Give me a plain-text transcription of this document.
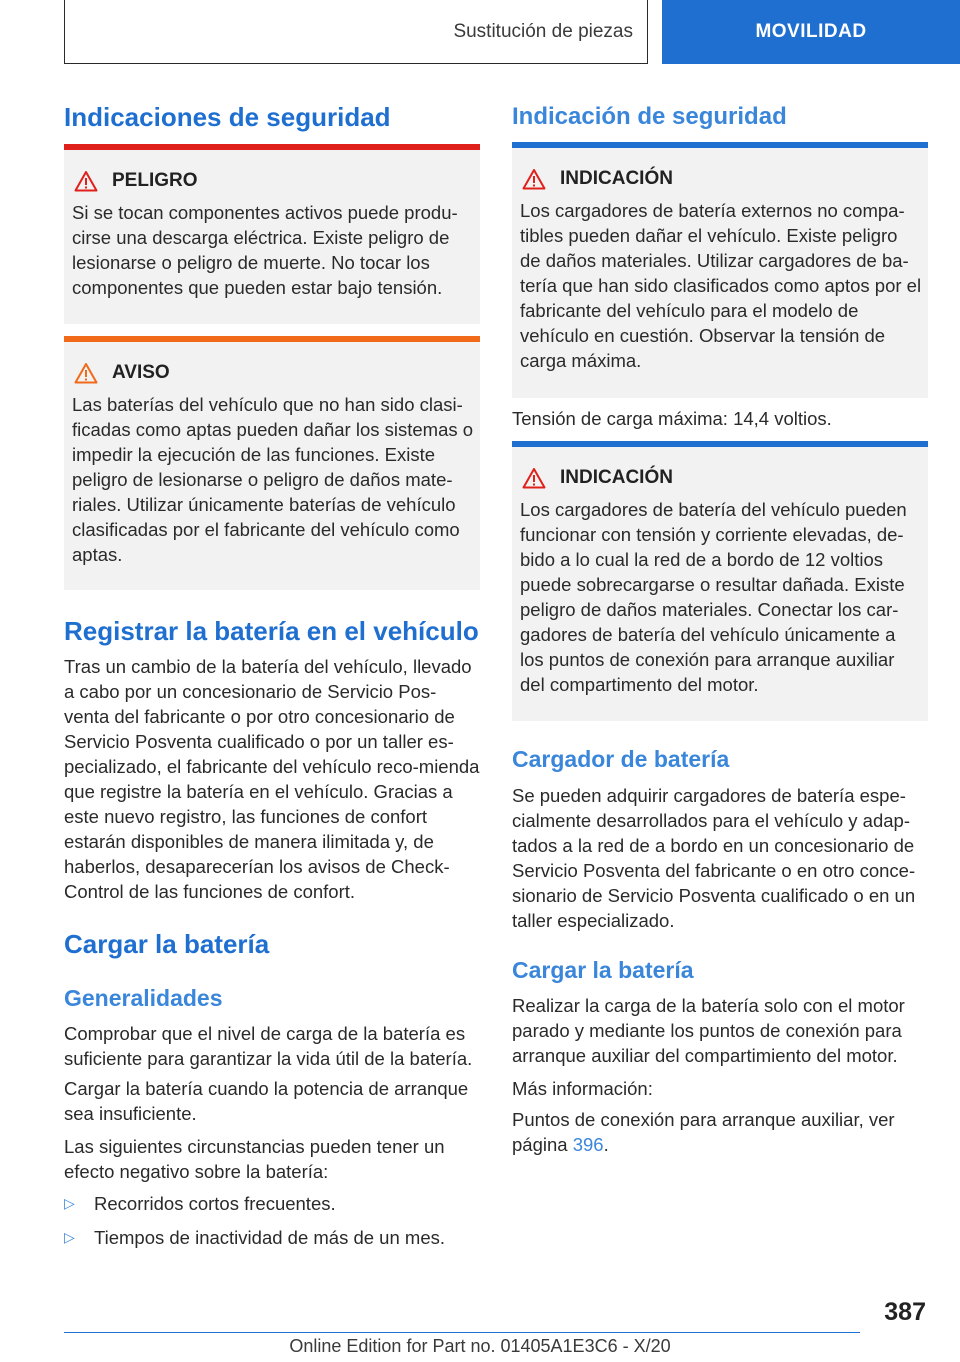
Sustitución de piezas	MOVILIDAD
Indicaciones de seguridad
PELIGRO

Si se tocan componentes activos puede produ-cirse una descarga eléctrica. Existe peligro de lesionarse o peligro de muerte. No tocar los componentes que pueden estar bajo tensión.

AVISO

Las baterías del vehículo que no han sido clasi-ficadas como aptas pueden dañar los sistemas o impedir la ejecución de las funciones. Existe peligro de lesionarse o peligro de daños mate-riales. Utilizar únicamente baterías de vehículo clasificadas por el fabricante del vehículo como aptas.

Registrar la batería en el vehículo

Tras un cambio de la batería del vehículo, llevado a cabo por un concesionario de Servicio Pos-venta del fabricante o por otro concesionario de Servicio Posventa cualificado o por un taller es-pecializado, el fabricante del vehículo reco-mienda que registre la batería en el vehículo. Gracias a este nuevo registro, las funciones de confort estarán disponibles de manera ilimitada y, de haberlos, desaparecerían los avisos de Check-Control de las funciones de confort.

Cargar la batería
Generalidades

Comprobar que el nivel de carga de la batería es suficiente para garantizar la vida útil de la batería.

Cargar la batería cuando la potencia de arranque sea insuficiente.

Las siguientes circunstancias pueden tener un efecto negativo sobre la batería:

▷	Recorridos cortos frecuentes.
▷	Tiempos de inactividad de más de un mes.
Indicación de seguridad
INDICACIÓN

Los cargadores de batería externos no compa-tibles pueden dañar el vehículo. Existe peligro de daños materiales. Utilizar cargadores de ba-tería que han sido clasificados como aptos por el fabricante del vehículo para el modelo de vehículo en cuestión. Observar la tensión de carga máxima.

Tensión de carga máxima: 14,4 voltios.

INDICACIÓN

Los cargadores de batería del vehículo pueden funcionar con tensión y corriente elevadas, de-bido a lo cual la red de a bordo de 12 voltios puede sobrecargarse o resultar dañada. Existe peligro de daños materiales. Conectar los car-gadores de batería del vehículo únicamente a los puntos de conexión para arranque auxiliar del compartimento del motor.

Cargador de batería

Se pueden adquirir cargadores de batería espe-cialmente desarrollados para el vehículo y adap-tados a la red de a bordo en un concesionario de Servicio Posventa del fabricante o en otro conce-sionario de Servicio Posventa cualificado o en un taller especializado.

Cargar la batería

Realizar la carga de la batería solo con el motor parado y mediante los puntos de conexión para arranque auxiliar del compartimiento del motor.

Más información:

Puntos de conexión para arranque auxiliar, ver página 396.

387
Online Edition for Part no. 01405A1E3C6 - X/20
